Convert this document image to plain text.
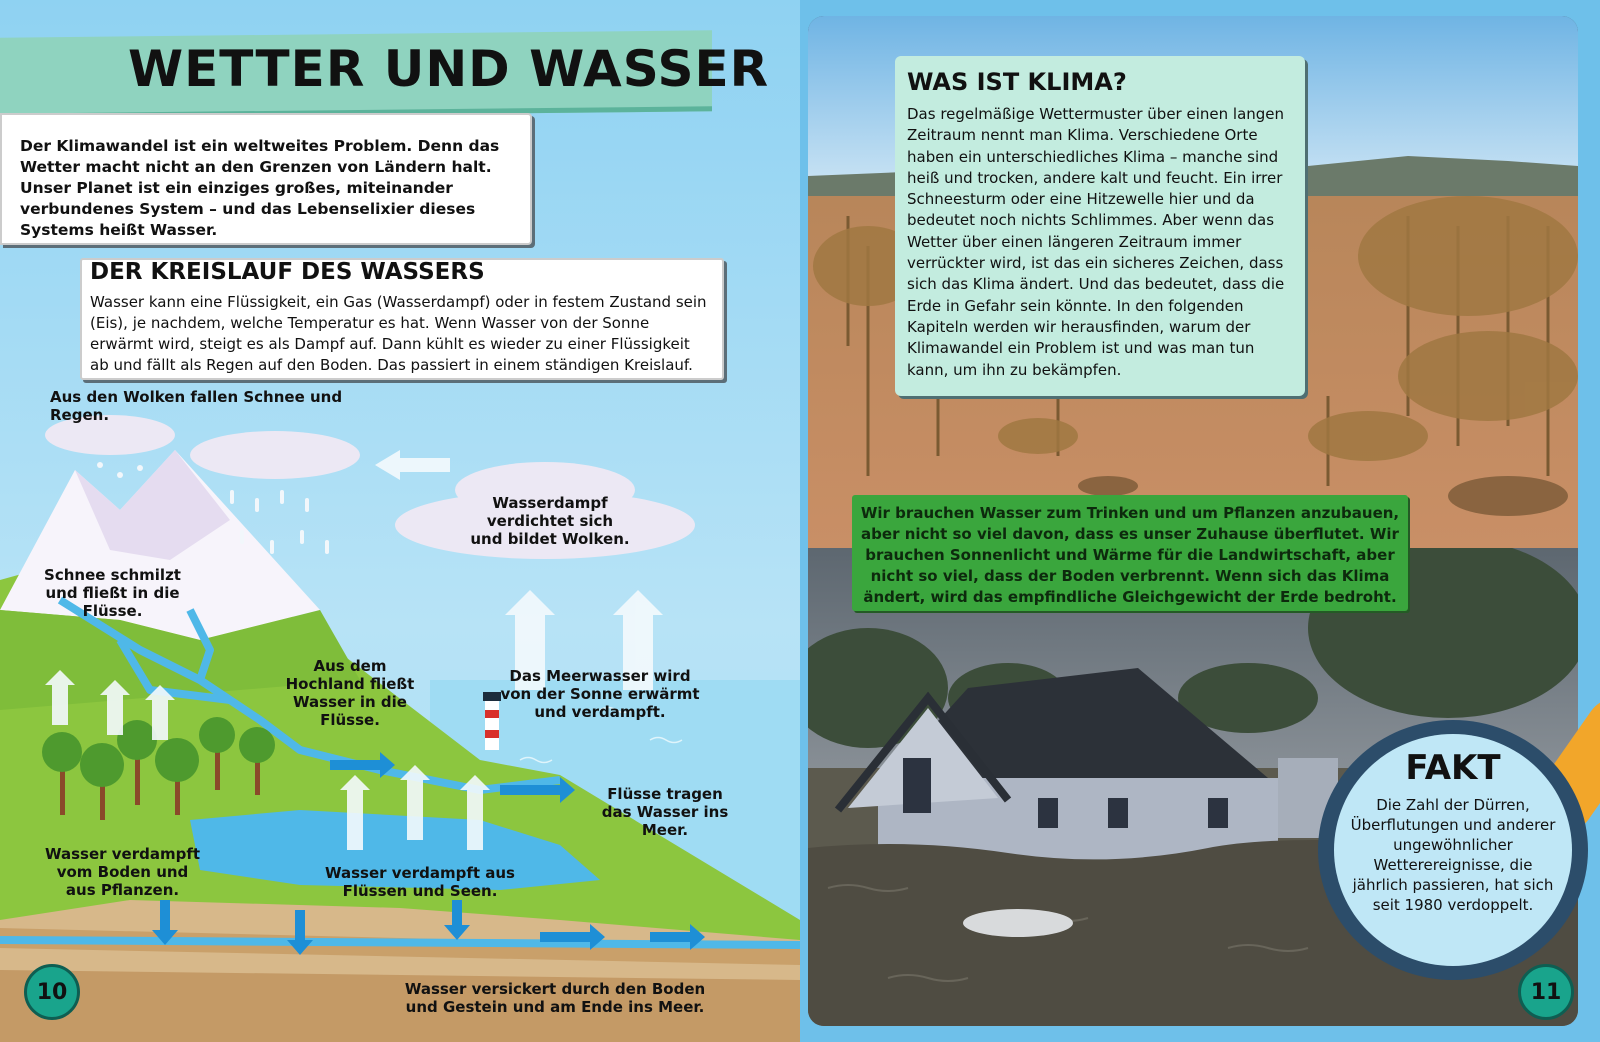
WETTER UND WASSER

Der Klimawandel ist ein weltweites Problem. Denn das Wetter macht nicht an den Grenzen von Ländern halt. Unser Planet ist ein einziges großes, miteinander verbundenes System – und das Lebenselixier dieses Systems heißt Wasser.

DER KREISLAUF DES WASSERS

Wasser kann eine Flüssigkeit, ein Gas (Wasserdampf) oder in festem Zustand sein (Eis), je nachdem, welche Temperatur es hat. Wenn Wasser von der Sonne erwärmt wird, steigt es als Dampf auf. Dann kühlt es wieder zu einer Flüssigkeit ab und fällt als Regen auf den Boden. Das passiert in einem ständigen Kreislauf.

Aus den Wolken fallen Schnee und Regen.

Wasserdampf verdichtet sich und bildet Wolken.

Schnee schmilzt und fließt in die Flüsse.

Aus dem Hochland fließt Wasser in die Flüsse.

Das Meerwasser wird von der Sonne erwärmt und verdampft.

Flüsse tragen das Wasser ins Meer.

Wasser verdampft vom Boden und aus Pflanzen.

Wasser verdampft aus Flüssen und Seen.

Wasser versickert durch den Boden und Gestein und am Ende ins Meer.

10
WAS IST KLIMA?

Das regelmäßige Wettermuster über einen langen Zeitraum nennt man Klima. Verschiedene Orte haben ein unterschiedliches Klima – manche sind heiß und trocken, andere kalt und feucht. Ein irrer Schneesturm oder eine Hitzewelle hier und da bedeutet noch nichts Schlimmes. Aber wenn das Wetter über einen längeren Zeitraum immer verrückter wird, ist das ein sicheres Zeichen, dass sich das Klima ändert. Und das bedeutet, dass die Erde in Gefahr sein könnte. In den folgenden Kapiteln werden wir herausfinden, warum der Klimawandel ein Problem ist und was man tun kann, um ihn zu bekämpfen.

Wir brauchen Wasser zum Trinken und um Pflanzen anzubauen, aber nicht so viel davon, dass es unser Zuhause überflutet. Wir brauchen Sonnenlicht und Wärme für die Landwirtschaft, aber nicht so viel, dass der Boden verbrennt. Wenn sich das Klima ändert, wird das empfindliche Gleichgewicht der Erde bedroht.

FAKT

Die Zahl der Dürren, Überflutungen und anderer ungewöhnlicher Wetterereignisse, die jährlich passieren, hat sich seit 1980 verdoppelt.

11
